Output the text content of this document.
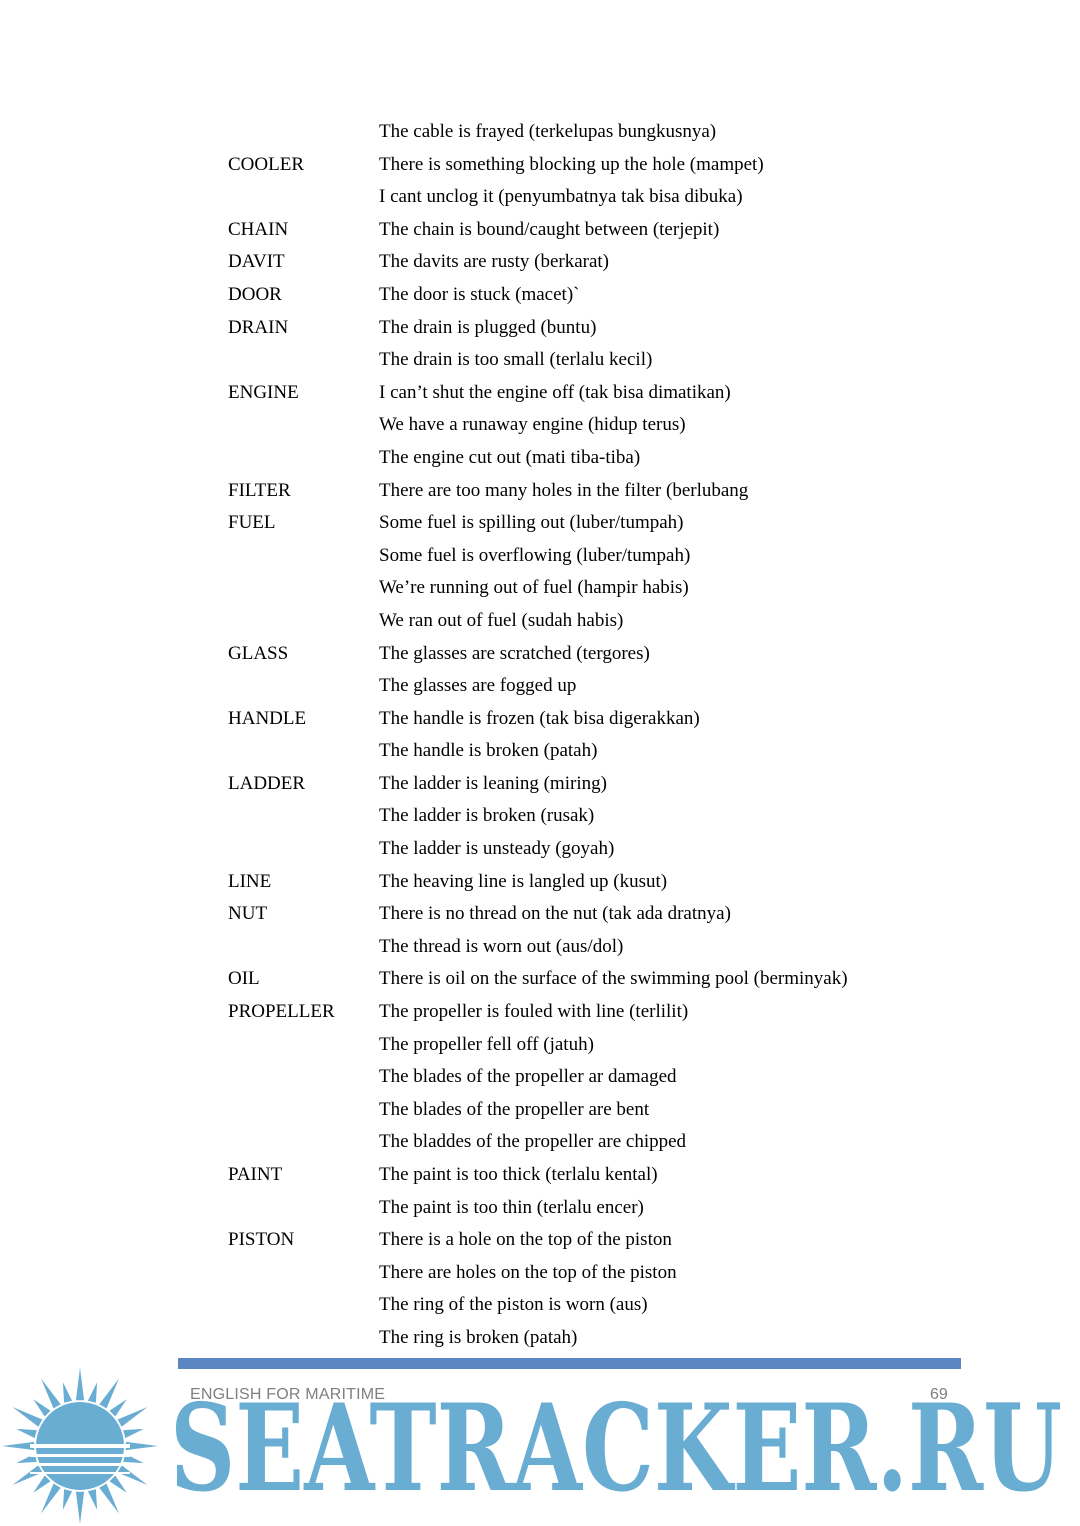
The cable is frayed (terkelupas bungkusnya)
COOLER	There is something blocking up the hole (mampet)
I cant unclog it (penyumbatnya tak bisa dibuka)
CHAIN	The chain is bound/caught between (terjepit)
DAVIT	The davits are rusty (berkarat)
DOOR	The door is stuck (macet)`
DRAIN	The drain is plugged (buntu)
The drain is too small (terlalu kecil)
ENGINE	I can’t shut the engine off (tak bisa dimatikan)
We have a runaway engine (hidup terus)
The engine cut out (mati tiba-tiba)
FILTER	There are too many holes in the filter (berlubang
FUEL	Some fuel is spilling out (luber/tumpah)
Some fuel is overflowing (luber/tumpah)
We’re running out of fuel (hampir habis)
We ran out of fuel (sudah habis)
GLASS	The glasses are scratched (tergores)
The glasses are fogged up
HANDLE	The handle is frozen (tak bisa digerakkan)
The handle is broken (patah)
LADDER	The ladder is leaning (miring)
The ladder is broken (rusak)
The ladder is unsteady (goyah)
LINE	The heaving line is langled up (kusut)
NUT	There is no thread on the nut (tak ada dratnya)
The thread is worn out (aus/dol)
OIL	There is oil on the surface of the swimming pool (berminyak)
PROPELLER The propeller is fouled with line (terlilit)
The propeller fell off (jatuh)
The blades of the propeller ar damaged
The blades of the propeller are bent
The bladdes of the propeller are chipped
PAINT	The paint is too thick (terlalu kental)
The paint is too thin (terlalu encer)
PISTON	There is a hole on the top of the piston
There are holes on the top of the piston
The ring of the piston is worn (aus)
The ring is broken (patah)
ENGLISH FOR MARITIME	69
SEATRACKER.RU
